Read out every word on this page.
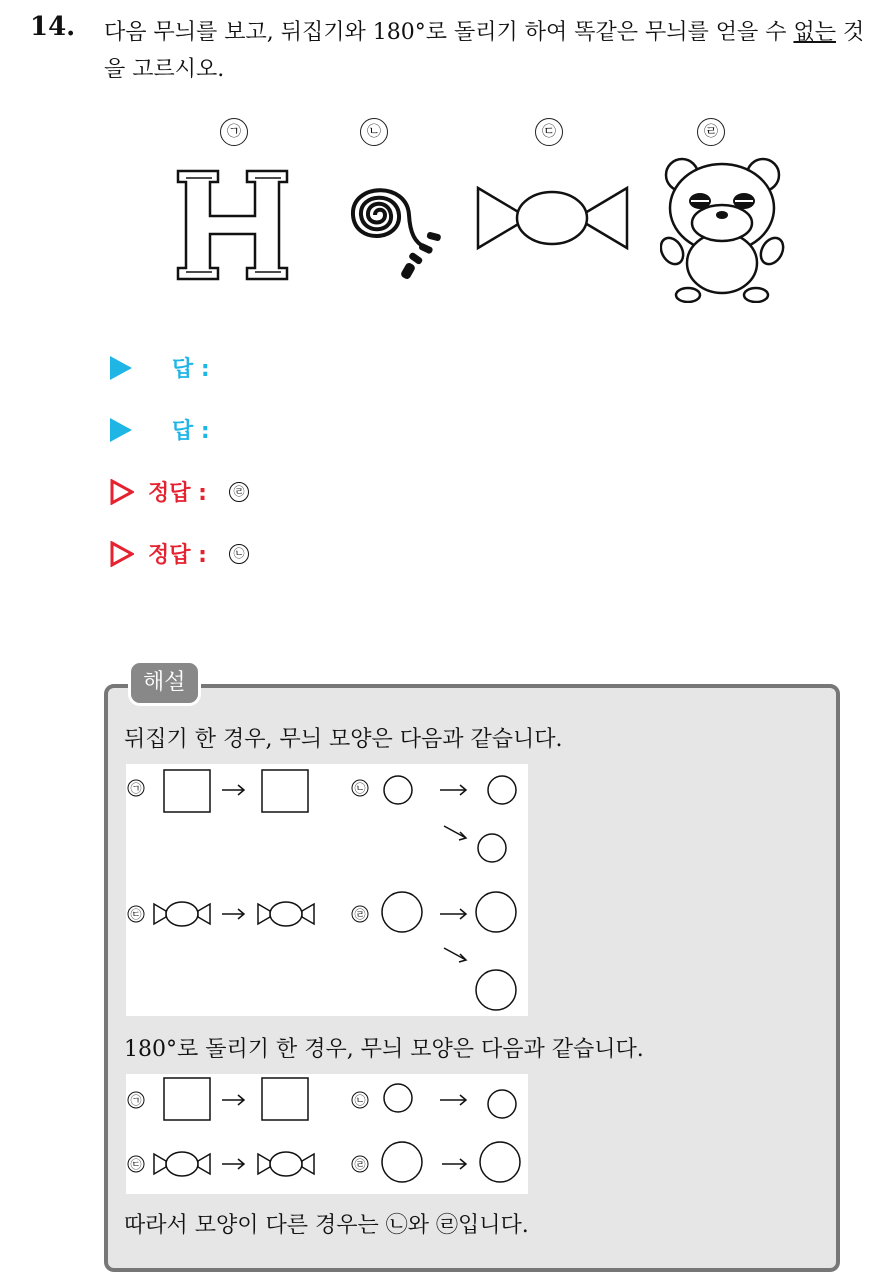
14. 다음 무늬를 보고, 뒤집기와 180°로 돌리기 하여 똑같은 무늬를 얻을 수 없는 것을 고르시오.
㉠	㉡	㉢	㉣
답 :
답 :
정답 :	㉣
정답 :	㉡
해설
뒤집기 한 경우, 무늬 모양은 다음과 같습니다.
㉠	㉡
㉢	㉣
180°로 돌리기 한 경우, 무늬 모양은 다음과 같습니다.
㉠	㉡
㉢	㉣
따라서 모양이 다른 경우는 ㉡와 ㉣입니다.
